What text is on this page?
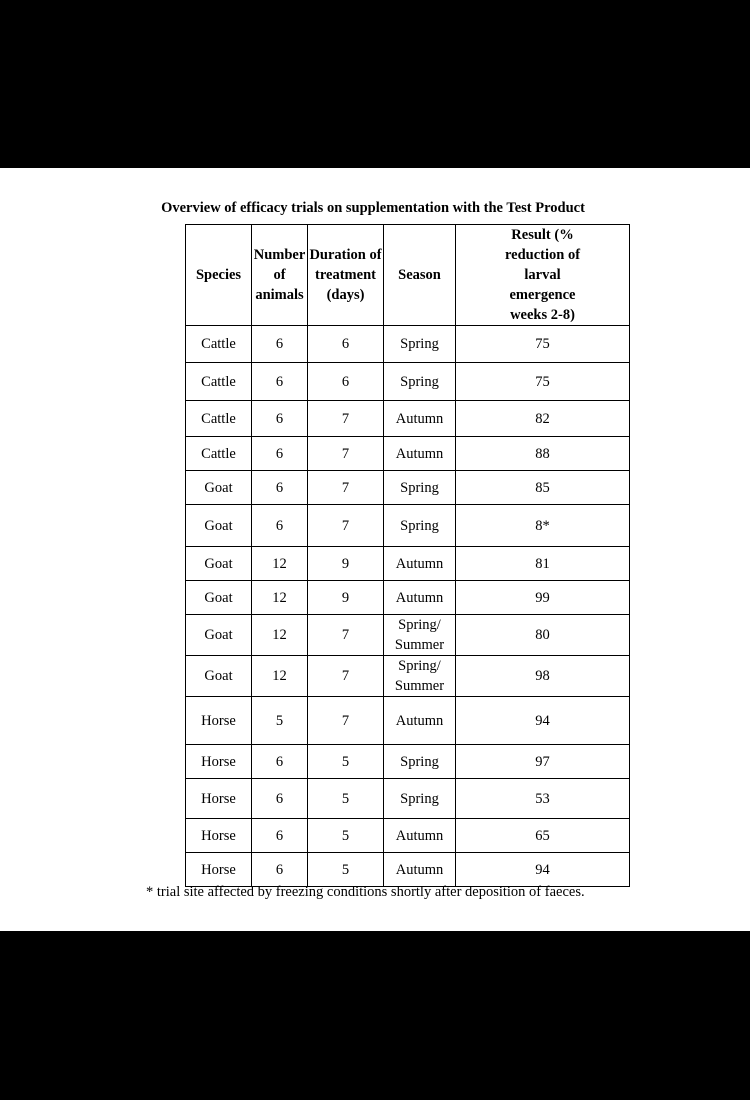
Overview of efficacy trials on supplementation with the Test Product
Species	Number of animals	Duration of treatment (days)	Season	Result (% reduction of larval emergence weeks 2-8)
Cattle	6	6	Spring	75
Cattle	6	6	Spring	75
Cattle	6	7	Autumn	82
Cattle	6	7	Autumn	88
Goat	6	7	Spring	85
Goat	6	7	Spring	8*
Goat	12	9	Autumn	81
Goat	12	9	Autumn	99
Goat	12	7	Spring/ Summer	80
Goat	12	7	Spring/ Summer	98
Horse	5	7	Autumn	94
Horse	6	5	Spring	97
Horse	6	5	Spring	53
Horse	6	5	Autumn	65
Horse	6	5	Autumn	94
* trial site affected by freezing conditions shortly after deposition of faeces.
